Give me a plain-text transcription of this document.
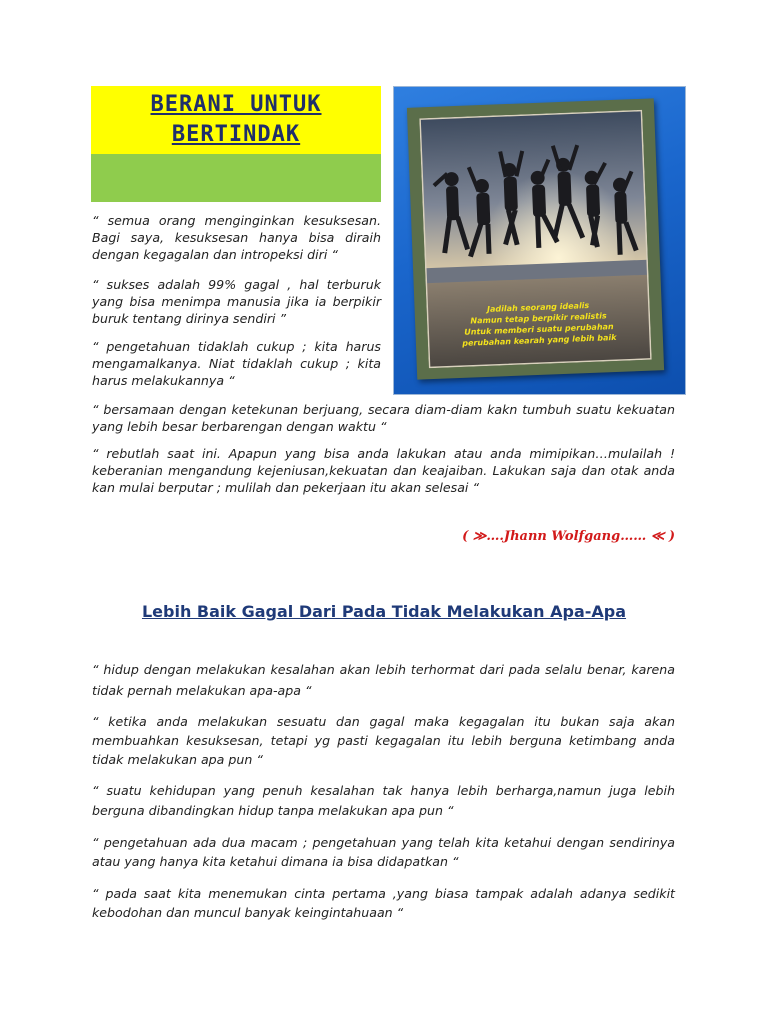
BERANI UNTUK
BERTINDAK

“ semua orang menginginkan kesuksesan. Bagi saya, kesuksesan hanya bisa diraih dengan kegagalan dan intropeksi diri “

“ sukses adalah 99% gagal , hal terburuk yang bisa menimpa manusia jika ia berpikir buruk tentang dirinya sendiri ”

“ pengetahuan tidaklah cukup ; kita harus mengamalkanya. Niat tidaklah cukup ; kita harus melakukannya “

Jadilah seorang idealis
Namun tetap berpikir realistis
Untuk memberi suatu perubahan
perubahan kearah yang lebih baik

“ bersamaan dengan ketekunan berjuang, secara diam-diam kakn tumbuh suatu kekuatan yang lebih besar berbarengan dengan waktu “

“ rebutlah saat ini. Apapun yang bisa anda lakukan atau anda mimipikan…mulailah ! keberanian mengandung kejeniusan,kekuatan dan keajaiban. Lakukan saja dan otak anda kan mulai berputar ; mulilah dan pekerjaan itu akan selesai “

( ≫….Jhann Wolfgang…… ≪ )
Lebih Baik Gagal Dari Pada Tidak Melakukan Apa-Apa

“ hidup dengan melakukan kesalahan akan lebih terhormat dari pada selalu benar, karena tidak pernah melakukan apa-apa “

“ ketika anda melakukan sesuatu dan gagal maka kegagalan itu bukan saja akan membuahkan kesuksesan, tetapi yg pasti kegagalan itu lebih berguna ketimbang anda tidak melakukan apa pun “

“ suatu kehidupan yang penuh kesalahan tak hanya lebih berharga,namun juga lebih berguna dibandingkan hidup tanpa melakukan apa pun “

“ pengetahuan ada dua macam ; pengetahuan yang telah kita ketahui dengan sendirinya atau yang hanya kita ketahui dimana ia bisa didapatkan “

“ pada saat kita menemukan cinta pertama ,yang biasa tampak adalah adanya sedikit kebodohan dan muncul banyak keingintahuaan “
